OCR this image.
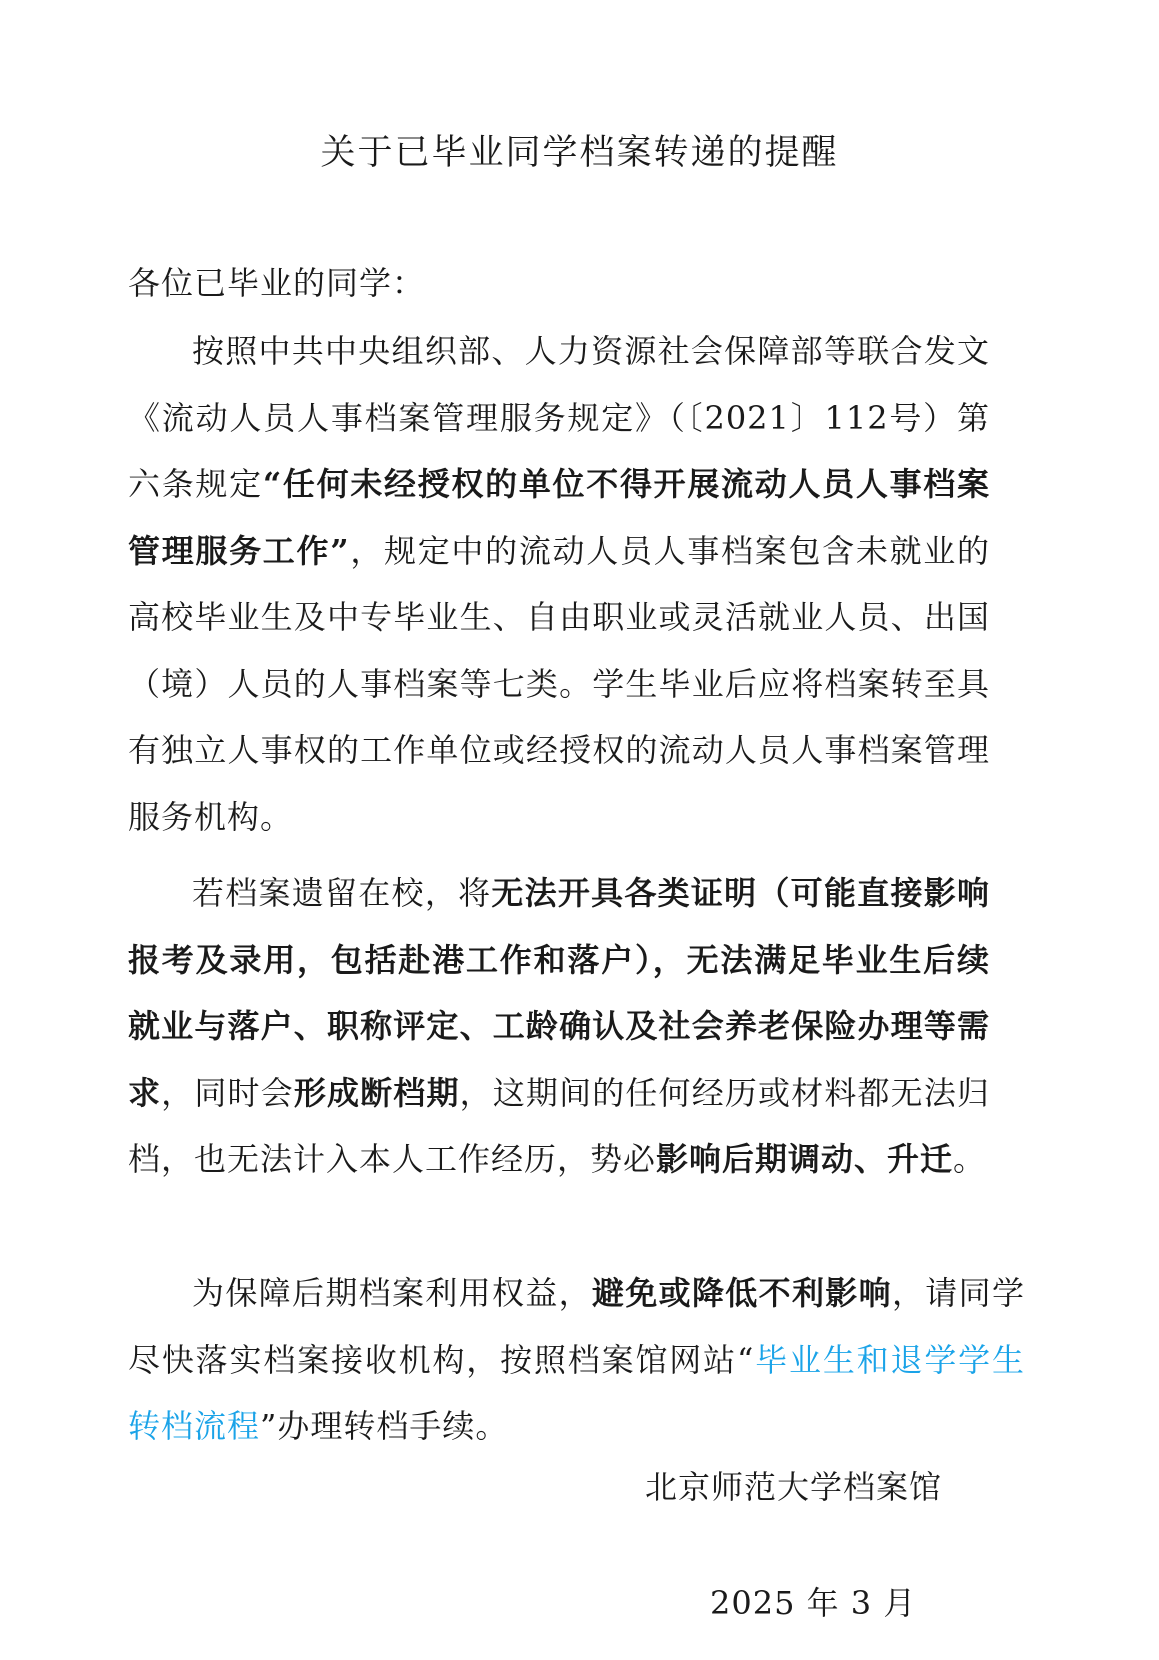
关于已毕业同学档案转递的提醒
各位已毕业的同学：

按照中共中央组织部、人力资源社会保障部等联合发文《流动人员人事档案管理服务规定》（〔2021〕112号）第六条规定“任何未经授权的单位不得开展流动人员人事档案管理服务工作”，规定中的流动人员人事档案包含未就业的高校毕业生及中专毕业生、自由职业或灵活就业人员、出国（境）人员的人事档案等七类。学生毕业后应将档案转至具有独立人事权的工作单位或经授权的流动人员人事档案管理服务机构。

若档案遗留在校，将无法开具各类证明（可能直接影响报考及录用，包括赴港工作和落户），无法满足毕业生后续就业与落户、职称评定、工龄确认及社会养老保险办理等需求，同时会形成断档期，这期间的任何经历或材料都无法归档，也无法计入本人工作经历，势必影响后期调动、升迁。

为保障后期档案利用权益，避免或降低不利影响，请同学尽快落实档案接收机构，按照档案馆网站“毕业生和退学学生转档流程”办理转档手续。

北京师范大学档案馆
2025 年 3 月
